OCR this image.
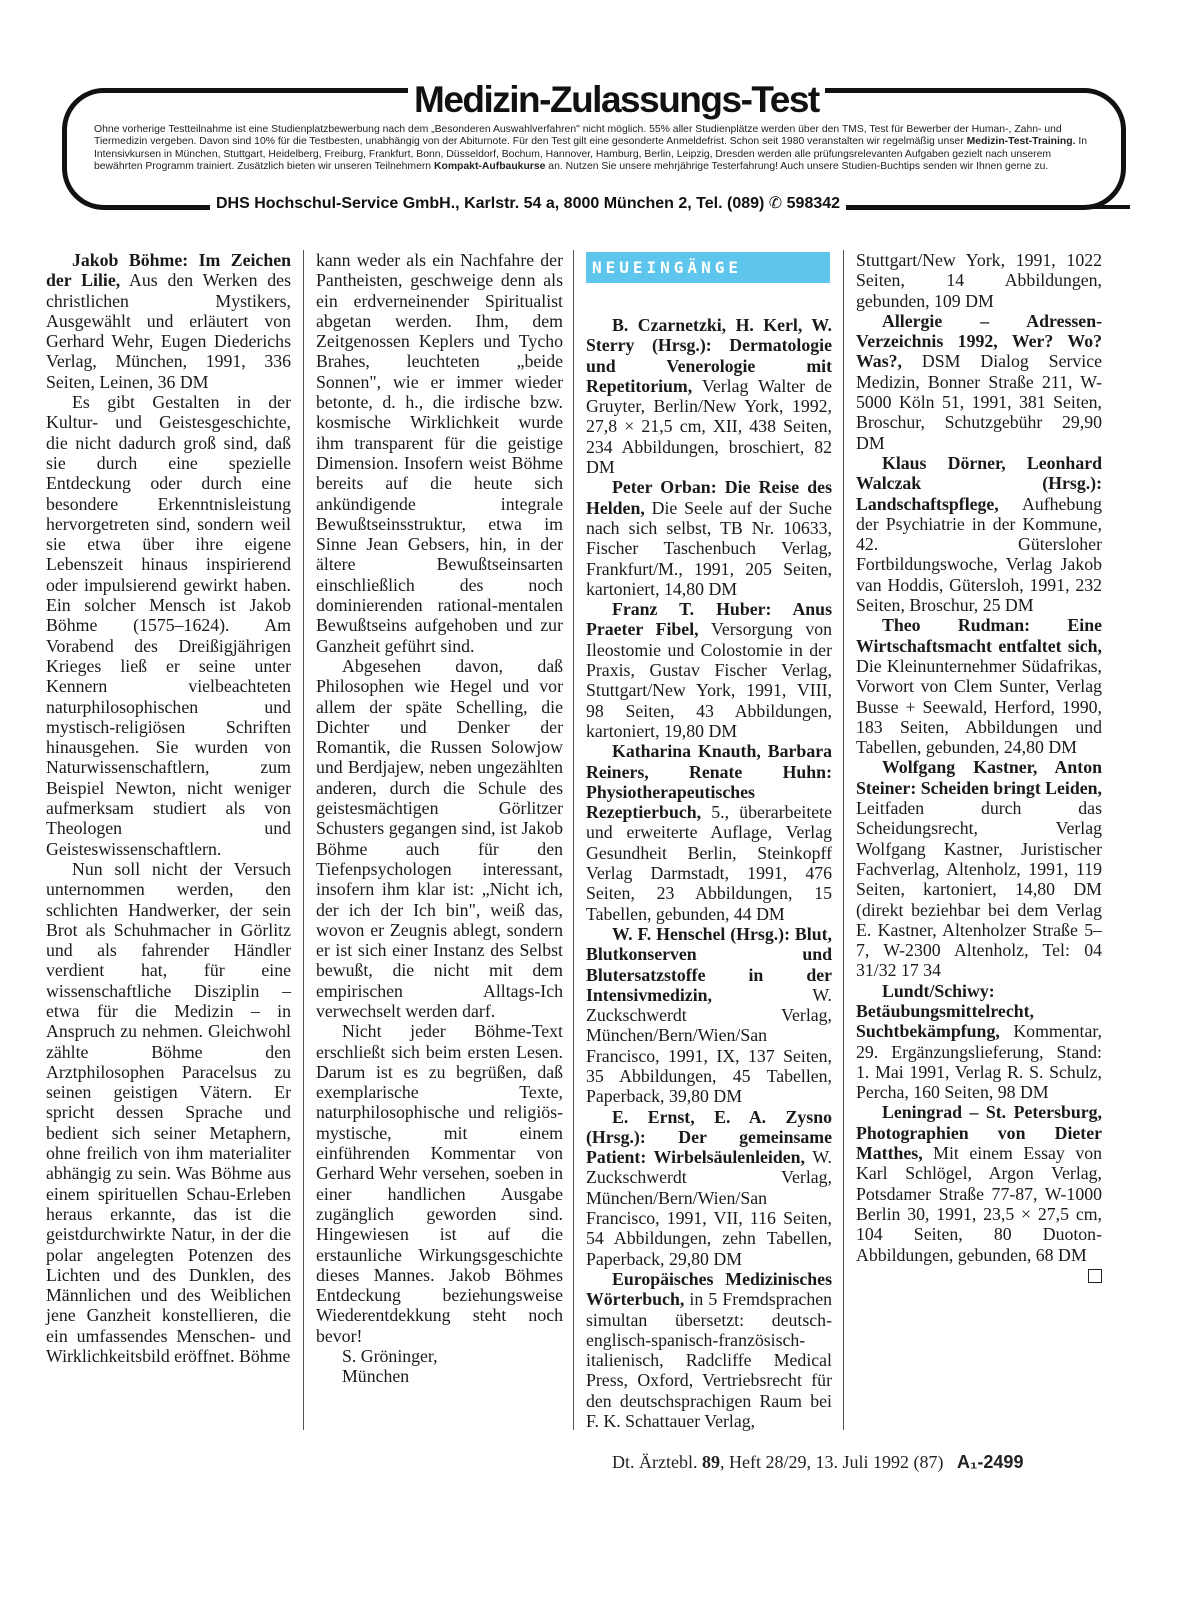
Medizin-Zulassungs-Test
Ohne vorherige Testteilnahme ist eine Studienplatzbewerbung nach dem „Besonderen Auswahlverfahren" nicht möglich. 55% aller Studienplätze werden über den TMS, Test für Bewerber der Human-, Zahn- und Tiermedizin vergeben. Davon sind 10% für die Testbesten, unabhängig von der Abiturnote. Für den Test gilt eine gesonderte Anmeldefrist. Schon seit 1980 veranstalten wir regelmäßig unser Medizin-Test-Training. In Intensivkursen in München, Stuttgart, Heidelberg, Freiburg, Frankfurt, Bonn, Düsseldorf, Bochum, Hannover, Hamburg, Berlin, Leipzig, Dresden werden alle prüfungsrelevanten Aufgaben gezielt nach unserem bewährten Programm trainiert. Zusätzlich bieten wir unseren Teilnehmern Kompakt-Aufbaukurse an. Nutzen Sie unsere mehrjährige Testerfahrung! Auch unsere Studien-Buchtips senden wir Ihnen gerne zu.
DHS Hochschul-Service GmbH., Karlstr. 54 a, 8000 München 2, Tel. (089) ✆ 598342

Jakob Böhme: Im Zeichen der Lilie, Aus den Werken des christlichen Mystikers, Ausgewählt und erläutert von Gerhard Wehr, Eugen Diederichs Verlag, München, 1991, 336 Seiten, Leinen, 36 DM

Es gibt Gestalten in der Kultur- und Geistesgeschichte, die nicht dadurch groß sind, daß sie durch eine spezielle Entdeckung oder durch eine besondere Erkenntnisleistung hervorgetreten sind, sondern weil sie etwa über ihre eigene Lebenszeit hinaus inspirierend oder impulsierend gewirkt haben. Ein solcher Mensch ist Jakob Böhme (1575–1624). Am Vorabend des Dreißigjährigen Krieges ließ er seine unter Kennern vielbeachteten naturphilosophischen und mystisch-religiösen Schriften hinausgehen. Sie wurden von Naturwissenschaftlern, zum Beispiel Newton, nicht weniger aufmerksam studiert als von Theologen und Geisteswissenschaftlern.

Nun soll nicht der Versuch unternommen werden, den schlichten Handwerker, der sein Brot als Schuhmacher in Görlitz und als fahrender Händler verdient hat, für eine wissenschaftliche Disziplin – etwa für die Medizin – in Anspruch zu nehmen. Gleichwohl zählte Böhme den Arztphilosophen Paracelsus zu seinen geistigen Vätern. Er spricht dessen Sprache und bedient sich seiner Metaphern, ohne freilich von ihm materialiter abhängig zu sein. Was Böhme aus einem spirituellen Schau-Erleben heraus erkannte, das ist die geistdurchwirkte Natur, in der die polar angelegten Potenzen des Lichten und des Dunklen, des Männlichen und des Weiblichen jene Ganzheit konstellieren, die ein umfassendes Menschen- und Wirklichkeitsbild eröffnet. Böhme

kann weder als ein Nachfahre der Pantheisten, geschweige denn als ein erdverneinender Spiritualist abgetan werden. Ihm, dem Zeitgenossen Keplers und Tycho Brahes, leuchteten „beide Sonnen", wie er immer wieder betonte, d. h., die irdische bzw. kosmische Wirklichkeit wurde ihm transparent für die geistige Dimension. Insofern weist Böhme bereits auf die heute sich ankündigende integrale Bewußtseinsstruktur, etwa im Sinne Jean Gebsers, hin, in der ältere Bewußtseinsarten einschließlich des noch dominierenden rational-mentalen Bewußtseins aufgehoben und zur Ganzheit geführt sind.

Abgesehen davon, daß Philosophen wie Hegel und vor allem der späte Schelling, die Dichter und Denker der Romantik, die Russen Solowjow und Berdjajew, neben ungezählten anderen, durch die Schule des geistesmächtigen Görlitzer Schusters gegangen sind, ist Jakob Böhme auch für den Tiefenpsychologen interessant, insofern ihm klar ist: „Nicht ich, der ich der Ich bin", weiß das, wovon er Zeugnis ablegt, sondern er ist sich einer Instanz des Selbst bewußt, die nicht mit dem empirischen Alltags-Ich verwechselt werden darf.

Nicht jeder Böhme-Text erschließt sich beim ersten Lesen. Darum ist es zu begrüßen, daß exemplarische Texte, naturphilosophische und religiös-mystische, mit einem einführenden Kommentar von Gerhard Wehr versehen, soeben in einer handlichen Ausgabe zugänglich geworden sind. Hingewiesen ist auf die erstaunliche Wirkungsgeschichte dieses Mannes. Jakob Böhmes Entdeckung beziehungsweise Wiederentdekkung steht noch bevor!

S. Gröninger,

München

NEUEINGÄNGE

B. Czarnetzki, H. Kerl, W. Sterry (Hrsg.): Dermatologie und Venerologie mit Repetitorium, Verlag Walter de Gruyter, Berlin/New York, 1992, 27,8 × 21,5 cm, XII, 438 Seiten, 234 Abbildungen, broschiert, 82 DM

Peter Orban: Die Reise des Helden, Die Seele auf der Suche nach sich selbst, TB Nr. 10633, Fischer Taschenbuch Verlag, Frankfurt/M., 1991, 205 Seiten, kartoniert, 14,80 DM

Franz T. Huber: Anus Praeter Fibel, Versorgung von Ileostomie und Colostomie in der Praxis, Gustav Fischer Verlag, Stuttgart/New York, 1991, VIII, 98 Seiten, 43 Abbildungen, kartoniert, 19,80 DM

Katharina Knauth, Barbara Reiners, Renate Huhn: Physiotherapeutisches Rezeptierbuch, 5., überarbeitete und erweiterte Auflage, Verlag Gesundheit Berlin, Steinkopff Verlag Darmstadt, 1991, 476 Seiten, 23 Abbildungen, 15 Tabellen, gebunden, 44 DM

W. F. Henschel (Hrsg.): Blut, Blutkonserven und Blutersatzstoffe in der Intensivmedizin, W. Zuckschwerdt Verlag, München/Bern/Wien/San Francisco, 1991, IX, 137 Seiten, 35 Abbildungen, 45 Tabellen, Paperback, 39,80 DM

E. Ernst, E. A. Zysno (Hrsg.): Der gemeinsame Patient: Wirbelsäulenleiden, W. Zuckschwerdt Verlag, München/Bern/Wien/San Francisco, 1991, VII, 116 Seiten, 54 Abbildungen, zehn Tabellen, Paperback, 29,80 DM

Europäisches Medizinisches Wörterbuch, in 5 Fremdsprachen simultan übersetzt: deutsch-englisch-spanisch-französisch-italienisch, Radcliffe Medical Press, Oxford, Vertriebsrecht für den deutschsprachigen Raum bei F. K. Schattauer Verlag,

Stuttgart/New York, 1991, 1022 Seiten, 14 Abbildungen, gebunden, 109 DM

Allergie – Adressen-Verzeichnis 1992, Wer? Wo? Was?, DSM Dialog Service Medizin, Bonner Straße 211, W-5000 Köln 51, 1991, 381 Seiten, Broschur, Schutzgebühr 29,90 DM

Klaus Dörner, Leonhard Walczak (Hrsg.): Landschaftspflege, Aufhebung der Psychiatrie in der Kommune, 42. Gütersloher Fortbildungswoche, Verlag Jakob van Hoddis, Gütersloh, 1991, 232 Seiten, Broschur, 25 DM

Theo Rudman: Eine Wirtschaftsmacht entfaltet sich, Die Kleinunternehmer Südafrikas, Vorwort von Clem Sunter, Verlag Busse + Seewald, Herford, 1990, 183 Seiten, Abbildungen und Tabellen, gebunden, 24,80 DM

Wolfgang Kastner, Anton Steiner: Scheiden bringt Leiden, Leitfaden durch das Scheidungsrecht, Verlag Wolfgang Kastner, Juristischer Fachverlag, Altenholz, 1991, 119 Seiten, kartoniert, 14,80 DM (direkt beziehbar bei dem Verlag E. Kastner, Altenholzer Straße 5–7, W-2300 Altenholz, Tel: 04 31/32 17 34

Lundt/Schiwy: Betäubungsmittelrecht, Suchtbekämpfung, Kommentar, 29. Ergänzungslieferung, Stand: 1. Mai 1991, Verlag R. S. Schulz, Percha, 160 Seiten, 98 DM

Leningrad – St. Petersburg, Photographien von Dieter Matthes, Mit einem Essay von Karl Schlögel, Argon Verlag, Potsdamer Straße 77-87, W-1000 Berlin 30, 1991, 23,5 × 27,5 cm, 104 Seiten, 80 Duoton-Abbildungen, gebunden, 68 DM

Dt. Ärztebl. 89, Heft 28/29, 13. Juli 1992 (87) A₁-2499
